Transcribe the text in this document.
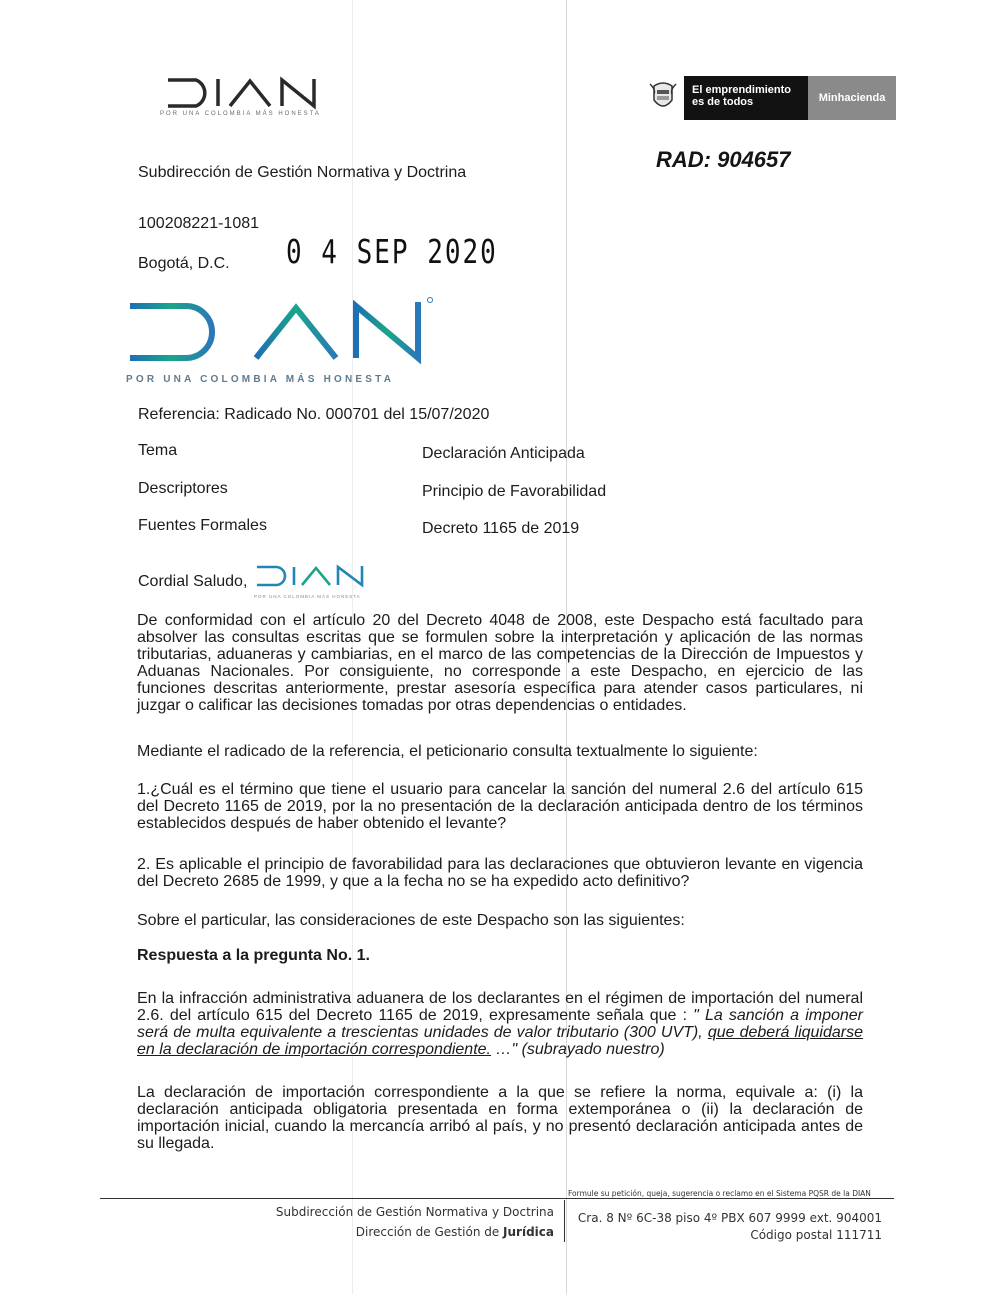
POR UNA COLOMBIA MÁS HONESTA
El emprendimiento
es de todos	Minhacienda
RAD: 904657
Subdirección de Gestión Normativa y Doctrina
100208221-1081
Bogotá, D.C. 0 4 SEP 2020
POR UNA COLOMBIA MÁS HONESTA
Referencia: Radicado No. 000701 del 15/07/2020
Tema	Declaración Anticipada
Descriptores	Principio de Favorabilidad
Fuentes Formales	Decreto 1165 de 2019
Cordial Saludo,
POR UNA COLOMBIA MÁS HONESTA
De conformidad con el artículo 20 del Decreto 4048 de 2008, este Despacho está facultado para absolver las consultas escritas que se formulen sobre la interpretación y aplicación de las normas tributarias, aduaneras y cambiarias, en el marco de las competencias de la Dirección de Impuestos y Aduanas Nacionales. Por consiguiente, no corresponde a este Despacho, en ejercicio de las funciones descritas anteriormente, prestar asesoría específica para atender casos particulares, ni juzgar o calificar las decisiones tomadas por otras dependencias o entidades.
Mediante el radicado de la referencia, el peticionario consulta textualmente lo siguiente:
1.¿Cuál es el término que tiene el usuario para cancelar la sanción del numeral 2.6 del artículo 615 del Decreto 1165 de 2019, por la no presentación de la declaración anticipada dentro de los términos establecidos después de haber obtenido el levante?
2. Es aplicable el principio de favorabilidad para las declaraciones que obtuvieron levante en vigencia del Decreto 2685 de 1999, y que a la fecha no se ha expedido acto definitivo?
Sobre el particular, las consideraciones de este Despacho son las siguientes:
Respuesta a la pregunta No. 1.
En la infracción administrativa aduanera de los declarantes en el régimen de importación del numeral 2.6. del artículo 615 del Decreto 1165 de 2019, expresamente señala que : " La sanción a imponer será de multa equivalente a trescientas unidades de valor tributario (300 UVT), que deberá liquidarse en la declaración de importación correspondiente. …" (subrayado nuestro)
La declaración de importación correspondiente a la que se refiere la norma, equivale a: (i) la declaración anticipada obligatoria presentada en forma extemporánea o (ii) la declaración de importación inicial, cuando la mercancía arribó al país, y no presentó declaración anticipada antes de su llegada.
Formule su petición, queja, sugerencia o reclamo en el Sistema PQSR de la DIAN
Subdirección de Gestión Normativa y Doctrina
Dirección de Gestión de Jurídica
Cra. 8 Nº 6C-38 piso 4º PBX 607 9999 ext. 904001
Código postal 111711
